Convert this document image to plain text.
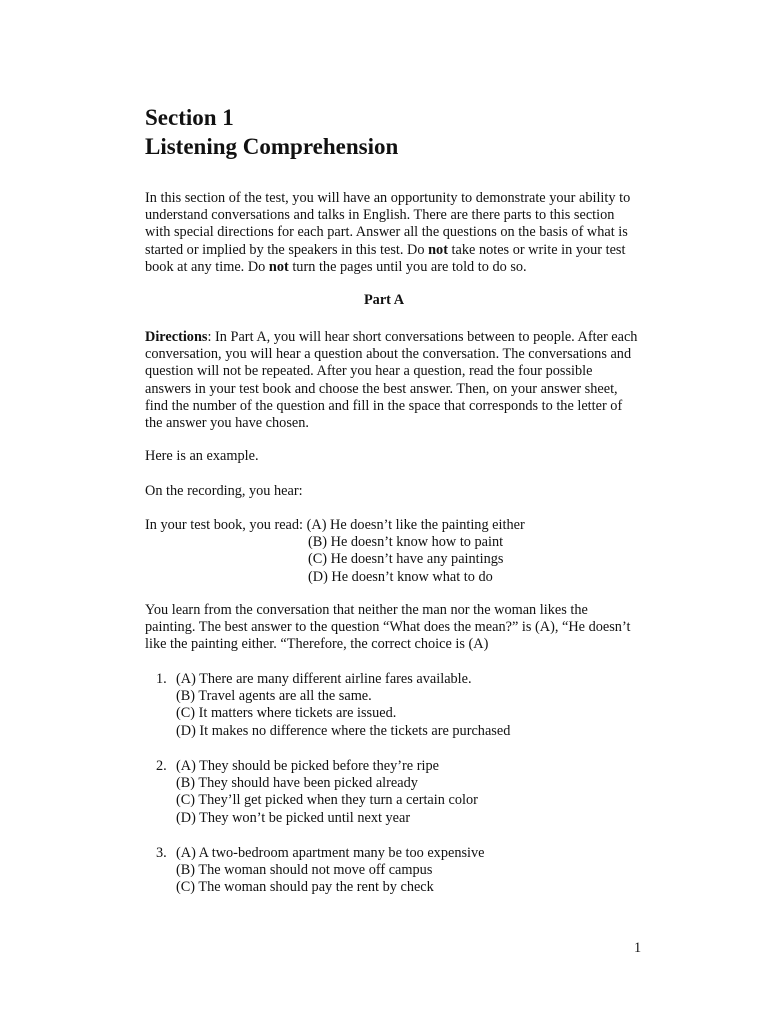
Section 1
Listening Comprehension
In this section of the test, you will have an opportunity to demonstrate your ability to
understand conversations and talks in English. There are there parts to this section
with special directions for each part. Answer all the questions on the basis of what is
started or implied by the speakers in this test. Do not take notes or write in your test
book at any time. Do not turn the pages until you are told to do so.
Part A
Directions: In Part A, you will hear short conversations between to people. After each
conversation, you will hear a question about the conversation. The conversations and
question will not be repeated. After you hear a question, read the four possible
answers in your test book and choose the best answer. Then, on your answer sheet,
find the number of the question and fill in the space that corresponds to the letter of
the answer you have chosen.
Here is an example.
On the recording, you hear:
In your test book, you read: (A) He doesn’t like the painting either
(B) He doesn’t know how to paint
(C) He doesn’t have any paintings
(D) He doesn’t know what to do
You learn from the conversation that neither the man nor the woman likes the
painting. The best answer to the question “What does the mean?” is (A), “He doesn’t
like the painting either. “Therefore, the correct choice is (A)
1. (A) There are many different airline fares available.
(B) Travel agents are all the same.
(C) It matters where tickets are issued.
(D) It makes no difference where the tickets are purchased
2. (A) They should be picked before they’re ripe
(B) They should have been picked already
(C) They’ll get picked when they turn a certain color
(D) They won’t be picked until next year
3. (A) A two-bedroom apartment many be too expensive
(B) The woman should not move off campus
(C) The woman should pay the rent by check
1
